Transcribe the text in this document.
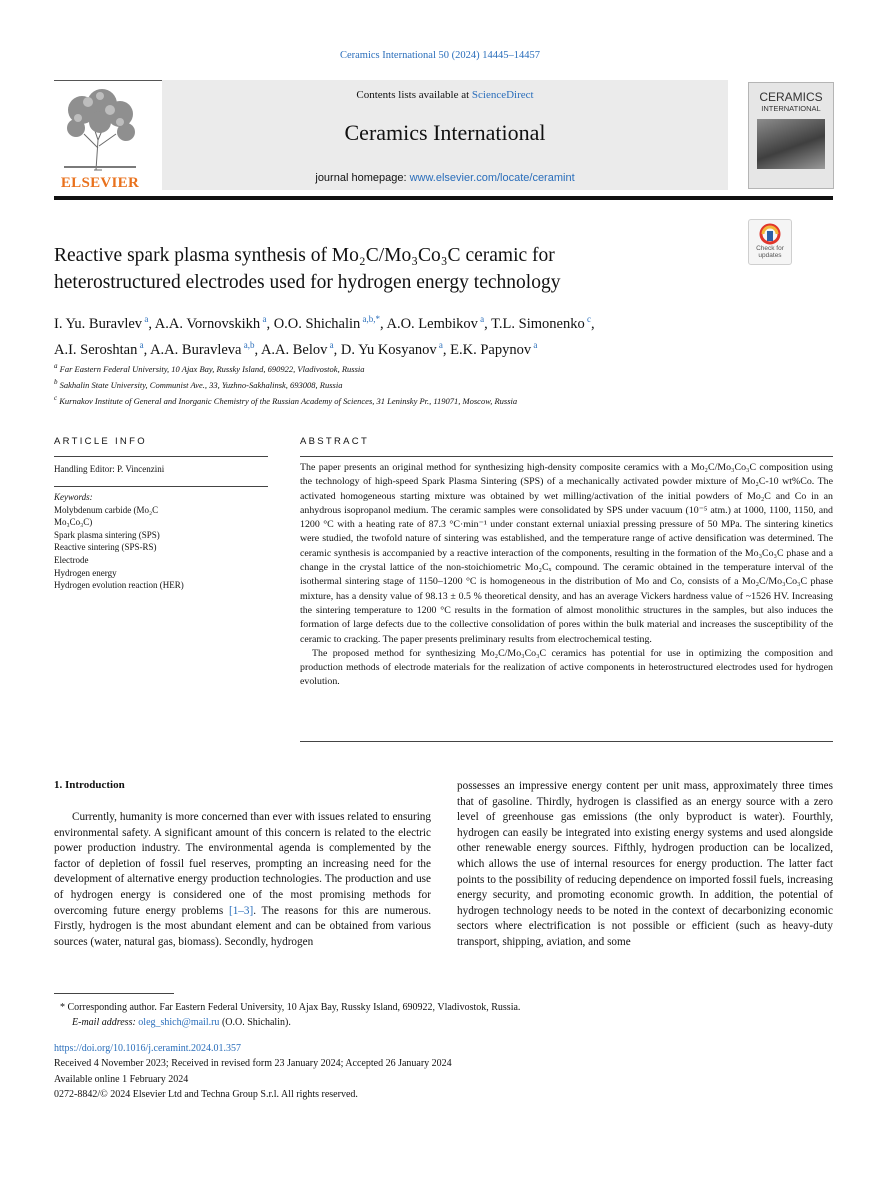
Ceramics International 50 (2024) 14445–14457
ELSEVIER
Contents lists available at ScienceDirect
Ceramics International
journal homepage: www.elsevier.com/locate/ceramint
CERAMICS
INTERNATIONAL
Check for updates
Reactive spark plasma synthesis of Mo₂C/Mo₃Co₃C ceramic for
heterostructured electrodes used for hydrogen energy technology
I. Yu. Buravlev $^a$, A.A. Vornovskikh $^a$, O.O. Shichalin $^{a,b,*}$, A.O. Lembikov $^a$, T.L. Simonenko $^c$,
A.I. Seroshtan $^a$, A.A. Buravleva $^{a,b}$, A.A. Belov $^a$, D. Yu Kosyanov $^a$, E.K. Papynov $^a$
$^a$ Far Eastern Federal University, 10 Ajax Bay, Russky Island, 690922, Vladivostok, Russia
$^b$ Sakhalin State University, Communist Ave., 33, Yuzhno-Sakhalinsk, 693008, Russia
$^c$ Kurnakov Institute of General and Inorganic Chemistry of the Russian Academy of Sciences, 31 Leninsky Pr., 119071, Moscow, Russia
ARTICLE INFO
Handling Editor: P. Vincenzini
Keywords:
Molybdenum carbide (Mo₂C
Mo₃Co₃C)
Spark plasma sintering (SPS)
Reactive sintering (SPS-RS)
Electrode
Hydrogen energy
Hydrogen evolution reaction (HER)
ABSTRACT

The paper presents an original method for synthesizing high-density composite ceramics with a Mo₂C/Mo₃Co₃C composition using the technology of high-speed Spark Plasma Sintering (SPS) of a mechanically activated powder mixture of Mo₂C-10 wt%Co. The activated homogeneous starting mixture was obtained by wet milling/activation of the initial powders of Mo₂C and Co in an anhydrous isopropanol medium. The ceramic samples were consolidated by SPS under vacuum (10⁻⁵ atm.) at 1000, 1100, 1150, and 1200 °C with a heating rate of 87.3 °C·min⁻¹ under constant external uniaxial pressing pressure of 50 MPa. The sintering kinetics were studied, the twofold nature of sintering was established, and the temperature range of active densification was determined. The ceramic synthesis is accompanied by a reactive interaction of the components, resulting in the formation of the Mo₃Co₃C phase and a change in the crystal lattice of the non-stoichiometric Mo₂Cₓ compound. The ceramic obtained in the temperature interval of the isothermal sintering stage of 1150–1200 °C is homogeneous in the distribution of Mo and Co, consists of a Mo₂C/Mo₃Co₃C phase mixture, has a density value of 98.13 ± 0.5 % theoretical density, and has an average Vickers hardness value of ~1526 HV. Increasing the sintering temperature to 1200 °C results in the formation of almost monolithic structures in the samples, but also induces the formation of large defects due to the collective consolidation of pores within the bulk material and increases the susceptibility of the ceramic to cracking. The paper presents preliminary results from electrochemical testing.

The proposed method for synthesizing Mo₂C/Mo₃Co₃C ceramics has potential for use in optimizing the composition and production methods of electrode materials for the realization of active components in heterostructured electrodes used for hydrogen evolution.

1. Introduction

Currently, humanity is more concerned than ever with issues related to ensuring environmental safety. A significant amount of this concern is related to the electric power production industry. The environmental agenda is complemented by the factor of depletion of fossil fuel reserves, prompting an increasing need for the development of alternative energy production technologies. The production and use of hydrogen energy is considered one of the most promising methods for overcoming future energy problems [1–3]. The reasons for this are numerous. Firstly, hydrogen is the most abundant element and can be obtained from various sources (water, natural gas, biomass). Secondly, hydrogen

possesses an impressive energy content per unit mass, approximately three times that of gasoline. Thirdly, hydrogen is classified as an energy source with a zero level of greenhouse gas emissions (the only byproduct is water). Fourthly, hydrogen can easily be integrated into existing energy systems and used alongside other renewable energy sources. Fifthly, hydrogen production can be localized, which allows the use of internal resources for energy production. The latter fact points to the possibility of reducing dependence on imported fossil fuels, increasing energy security, and promoting economic growth. In addition, the potential of hydrogen technology needs to be noted in the context of decarbonizing economic sectors where electrification is not possible or efficient (such as heavy-duty transport, shipping, aviation, and some

* Corresponding author. Far Eastern Federal University, 10 Ajax Bay, Russky Island, 690922, Vladivostok, Russia.
E-mail address: oleg_shich@mail.ru (O.O. Shichalin).
https://doi.org/10.1016/j.ceramint.2024.01.357
Received 4 November 2023; Received in revised form 23 January 2024; Accepted 26 January 2024
Available online 1 February 2024
0272-8842/© 2024 Elsevier Ltd and Techna Group S.r.l. All rights reserved.
